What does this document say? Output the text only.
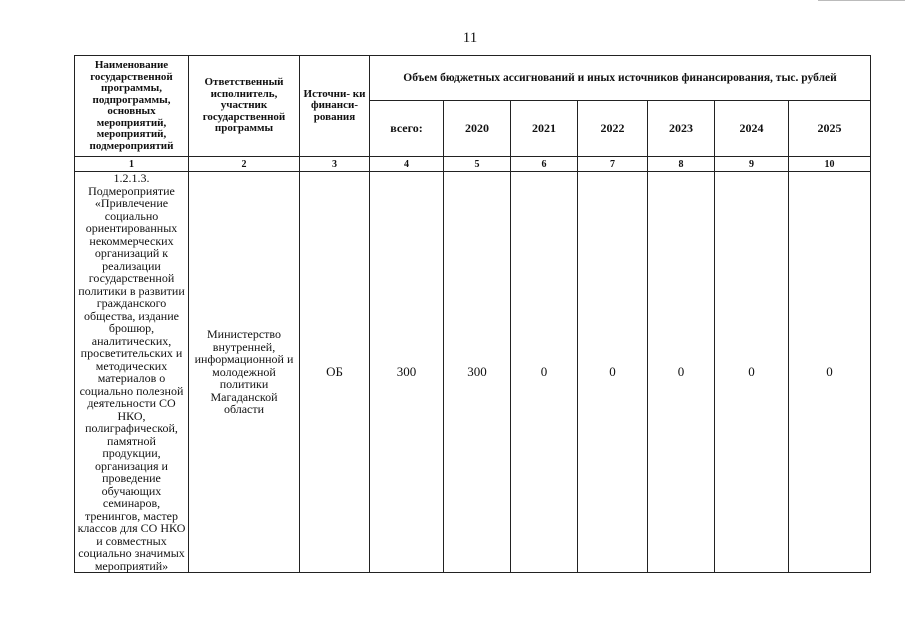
11
Наименование государственной программы, подпрограммы, основных мероприятий, мероприятий, подмероприятий	Ответственный исполнитель, участник государственной программы	Источни- ки финанси- рования	Объем бюджетных ассигнований и иных источников финансирования, тыс. рублей						
			всего:	2020	2021	2022	2023	2024	2025
1	2	3	4	5	6	7	8	9	10
1.2.1.3. Подмероприятие «Привлечение социально ориентированных некоммерческих организаций к реализации государственной политики в развитии гражданского общества, издание брошюр, аналитических, просветительских и методических материалов о социально полезной деятельности СО НКО, полиграфической, памятной продукции, организация и проведение обучающих семинаров, тренингов, мастер классов для СО НКО и совместных социально значимых мероприятий»	Министерство внутренней, информационной и молодежной политики Магаданской области	ОБ	300	300	0	0	0	0	0
